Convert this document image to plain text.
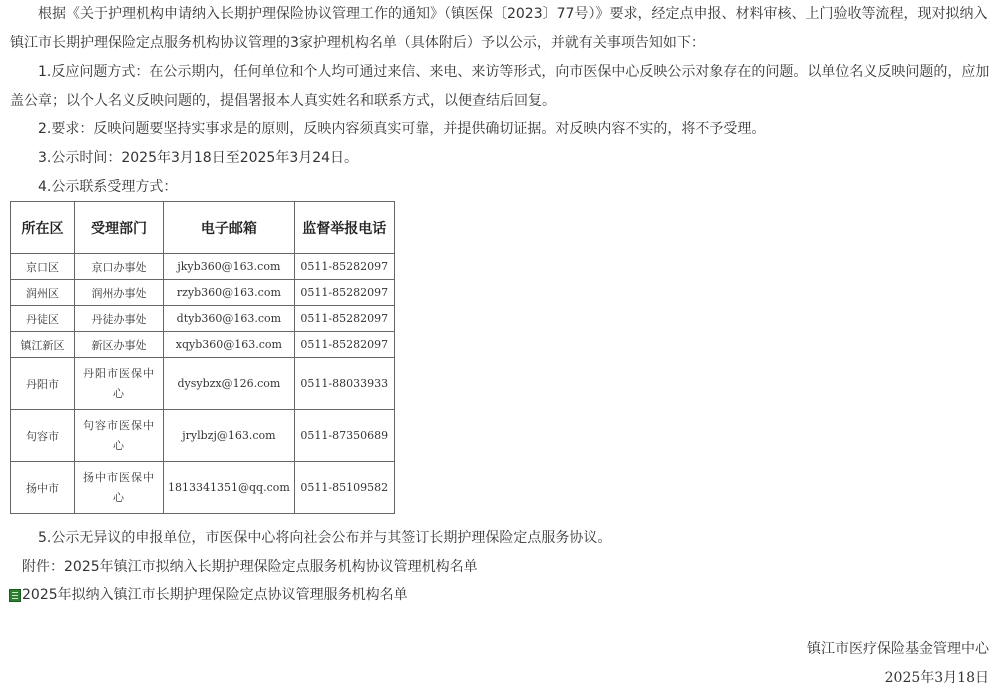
根据《关于护理机构申请纳入长期护理保险协议管理工作的通知》（镇医保〔2023〕77号）》要求，经定点申报、材料审核、上门验收等流程，现对拟纳入镇江市长期护理保险定点服务机构协议管理的3家护理机构名单（具体附后）予以公示，并就有关事项告知如下：

1.反应问题方式：在公示期内，任何单位和个人均可通过来信、来电、来访等形式，向市医保中心反映公示对象存在的问题。以单位名义反映问题的，应加盖公章；以个人名义反映问题的，提倡署报本人真实姓名和联系方式，以便查结后回复。

2.要求：反映问题要坚持实事求是的原则，反映内容须真实可靠，并提供确切证据。对反映内容不实的，将不予受理。

3.公示时间：2025年3月18日至2025年3月24日。

4.公示联系受理方式：

所在区	受理部门	电子邮箱	监督举报电话
京口区	京口办事处	jkyb360@163.com	0511-85282097
润州区	润州办事处	rzyb360@163.com	0511-85282097
丹徒区	丹徒办事处	dtyb360@163.com	0511-85282097
镇江新区	新区办事处	xqyb360@163.com	0511-85282097
丹阳市	丹阳市医保中心	dysybzx@126.com	0511-88033933
句容市	句容市医保中心	jrylbzj@163.com	0511-87350689
扬中市	扬中市医保中心	1813341351@qq.com	0511-85109582

5.公示无异议的申报单位，市医保中心将向社会公布并与其签订长期护理保险定点服务协议。

附件：2025年镇江市拟纳入长期护理保险定点服务机构协议管理机构名单

2025年拟纳入镇江市长期护理保险定点协议管理服务机构名单
镇江市医疗保险基金管理中心
2025年3月18日
